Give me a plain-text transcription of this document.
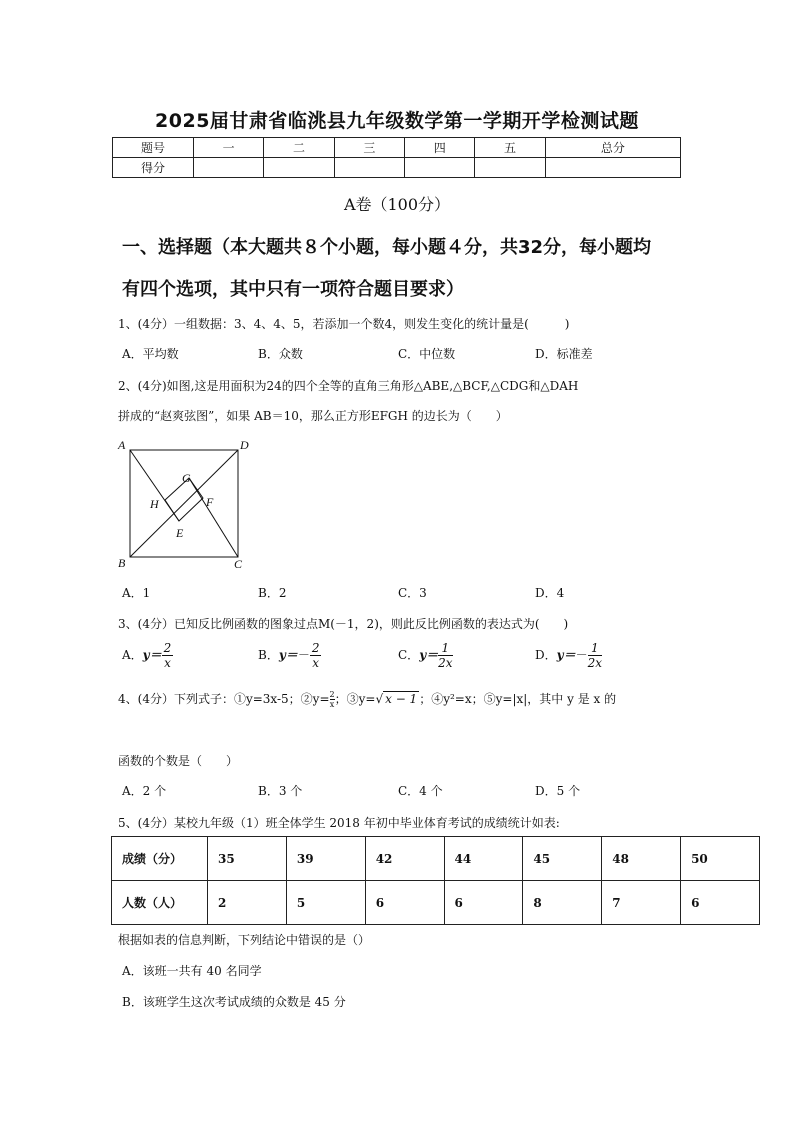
2025届甘肃省临洮县九年级数学第一学期开学检测试题
题号	一	二	三	四	五	总分
得分						
A卷（100分）
一、选择题（本大题共８个小题，每小题４分，共32分，每小题均
有四个选项，其中只有一项符合题目要求）
1、(4分）一组数据：3、4、4、5，若添加一个数4，则发生变化的统计量是(　　　)
A．平均数	B．众数	C．中位数	D．标准差
2、(4分)如图,这是用面积为24的四个全等的直角三角形△ABE,△BCF,△CDG和△DAH
拼成的“赵爽弦图”，如果 AB＝10，那么正方形EFGH 的边长为（　　）
A	D
B	C
G
H	F
E
A．1	B．2	C．3	D．4
3、(4分）已知反比例函数的图象过点M(－1，2)，则此反比例函数的表达式为(　　)
A．$y= \frac{2}{x}$	B．$y=- \frac{2}{x}$	C．$y= \frac{1}{2x}$	D．$y=- \frac{1}{2x}$
4、(4分）下列式子：①y=3x-5；②y= $\frac{2}{x}$ ；③y=√ x − 1 ；④y²=x；⑤y=|x|，其中 y 是 x 的
函数的个数是（　　）
A．2 个	B．3 个	C．4 个	D．5 个
5、(4分）某校九年级（1）班全体学生 2018 年初中毕业体育考试的成绩统计如表:
成绩（分）	35	39	42	44	45	48	50
人数（人）	2	5	6	6	8	7	6
根据如表的信息判断，下列结论中错误的是（）
A．该班一共有 40 名同学
B．该班学生这次考试成绩的众数是 45 分
